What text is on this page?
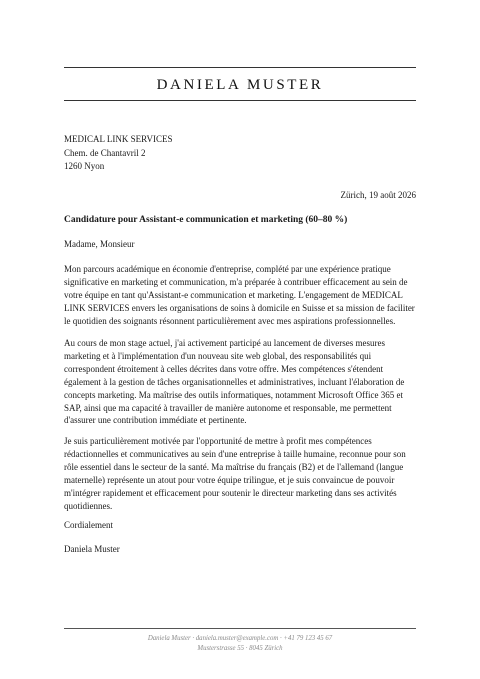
DANIELA MUSTER
MEDICAL LINK SERVICES
Chem. de Chantavril 2
1260 Nyon
Zürich, 19 août 2026
Candidature pour Assistant-e communication et marketing (60–80 %)
Madame, Monsieur
Mon parcours académique en économie d'entreprise, complété par une expérience pratique
significative en marketing et communication, m'a préparée à contribuer efficacement au sein de
votre équipe en tant qu'Assistant-e communication et marketing. L'engagement de MEDICAL
LINK SERVICES envers les organisations de soins à domicile en Suisse et sa mission de faciliter
le quotidien des soignants résonnent particulièrement avec mes aspirations professionnelles.
Au cours de mon stage actuel, j'ai activement participé au lancement de diverses mesures
marketing et à l'implémentation d'un nouveau site web global, des responsabilités qui
correspondent étroitement à celles décrites dans votre offre. Mes compétences s'étendent
également à la gestion de tâches organisationnelles et administratives, incluant l'élaboration de
concepts marketing. Ma maîtrise des outils informatiques, notamment Microsoft Office 365 et
SAP, ainsi que ma capacité à travailler de manière autonome et responsable, me permettent
d'assurer une contribution immédiate et pertinente.
Je suis particulièrement motivée par l'opportunité de mettre à profit mes compétences
rédactionnelles et communicatives au sein d'une entreprise à taille humaine, reconnue pour son
rôle essentiel dans le secteur de la santé. Ma maîtrise du français (B2) et de l'allemand (langue
maternelle) représente un atout pour votre équipe trilingue, et je suis convaincue de pouvoir
m'intégrer rapidement et efficacement pour soutenir le directeur marketing dans ses activités
quotidiennes.
Cordialement
Daniela Muster
Daniela Muster · daniela.muster@example.com · +41 79 123 45 67
Musterstrasse 55 · 8045 Zürich
